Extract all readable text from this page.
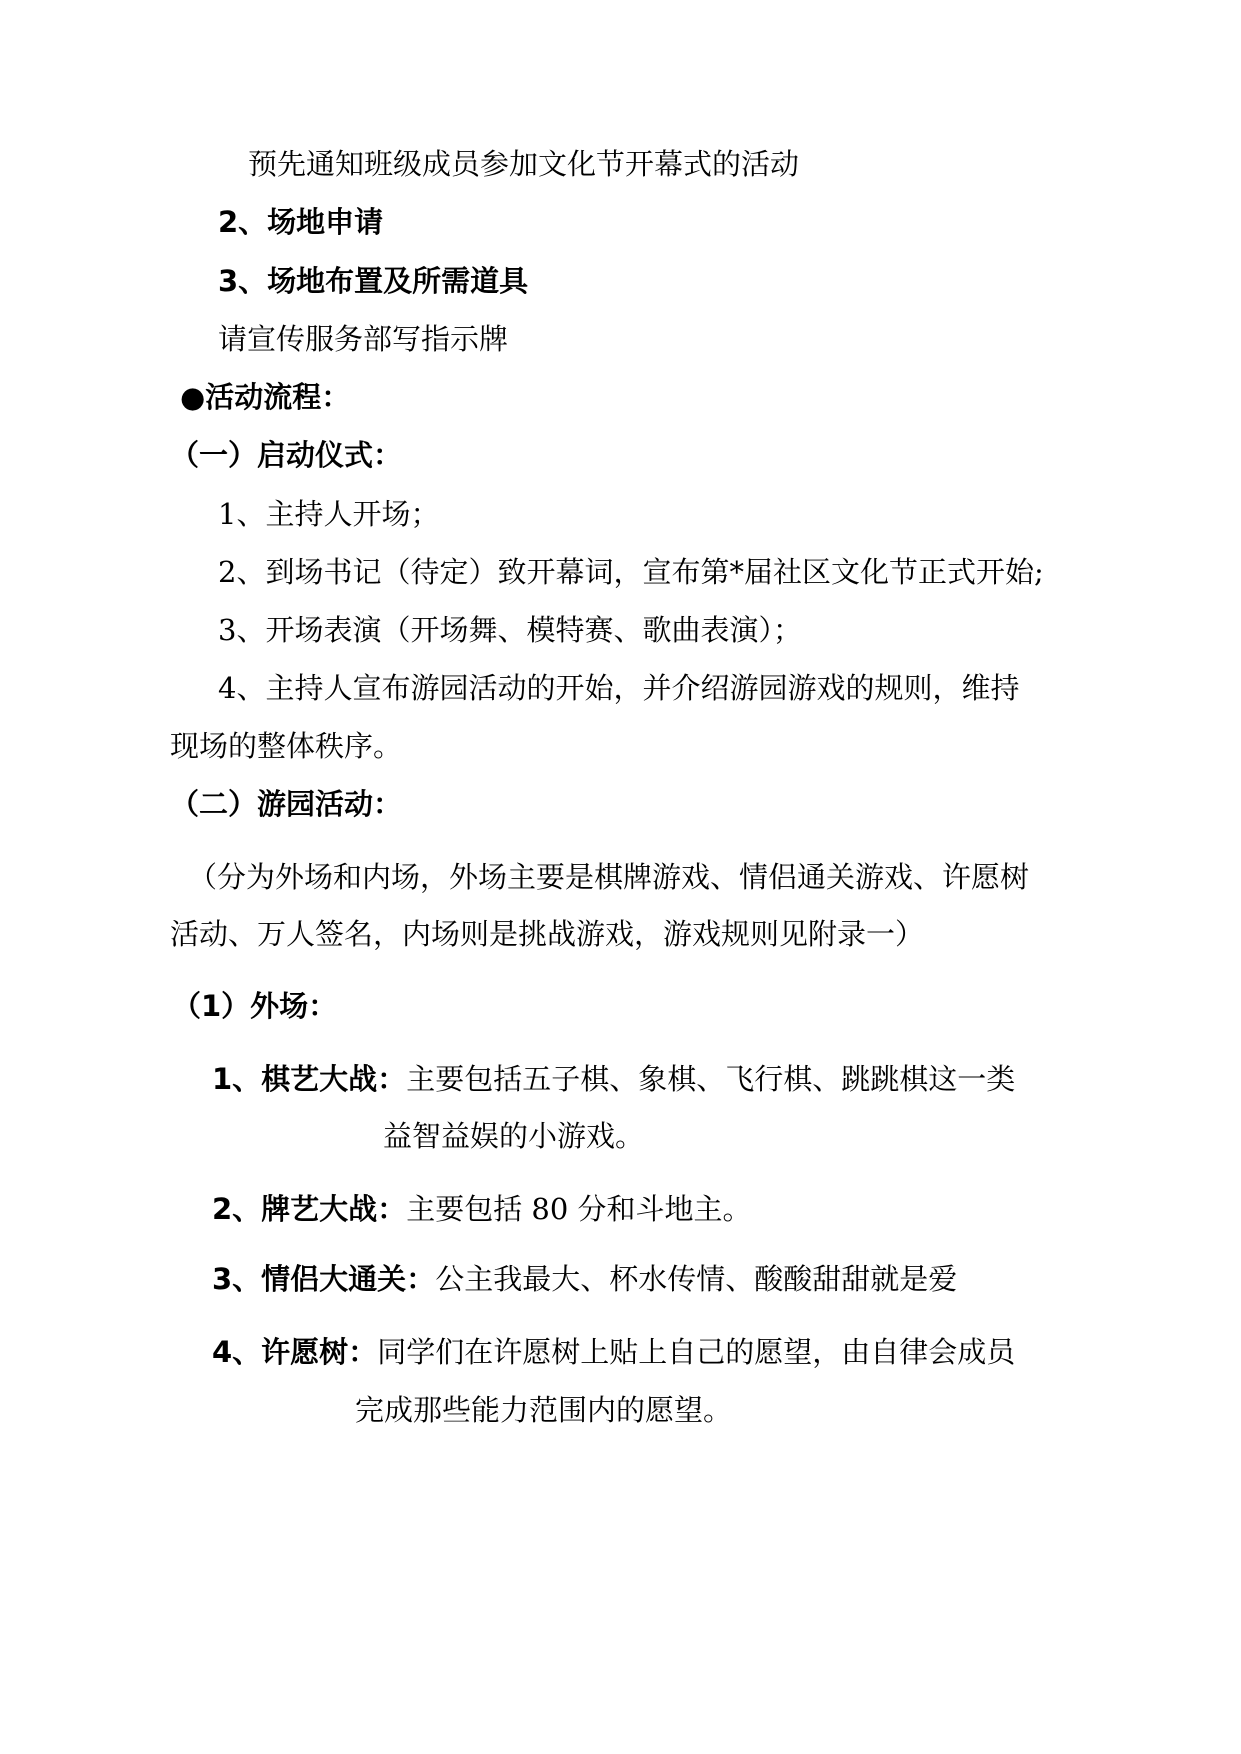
预先通知班级成员参加文化节开幕式的活动
2、场地申请
3、场地布置及所需道具
请宣传服务部写指示牌
●活动流程：
（一）启动仪式：
1、主持人开场；
2、到场书记（待定）致开幕词，宣布第*届社区文化节正式开始;
3、开场表演（开场舞、模特赛、歌曲表演）；
4、主持人宣布游园活动的开始，并介绍游园游戏的规则，维持
现场的整体秩序。
（二）游园活动：
（分为外场和内场，外场主要是棋牌游戏、情侣通关游戏、许愿树
活动、万人签名，内场则是挑战游戏，游戏规则见附录一）
（1）外场：
1、棋艺大战：主要包括五子棋、象棋、飞行棋、跳跳棋这一类
益智益娱的小游戏。
2、牌艺大战：主要包括 80 分和斗地主。
3、情侣大通关：公主我最大、杯水传情、酸酸甜甜就是爱
4、许愿树：同学们在许愿树上贴上自己的愿望，由自律会成员
完成那些能力范围内的愿望。
